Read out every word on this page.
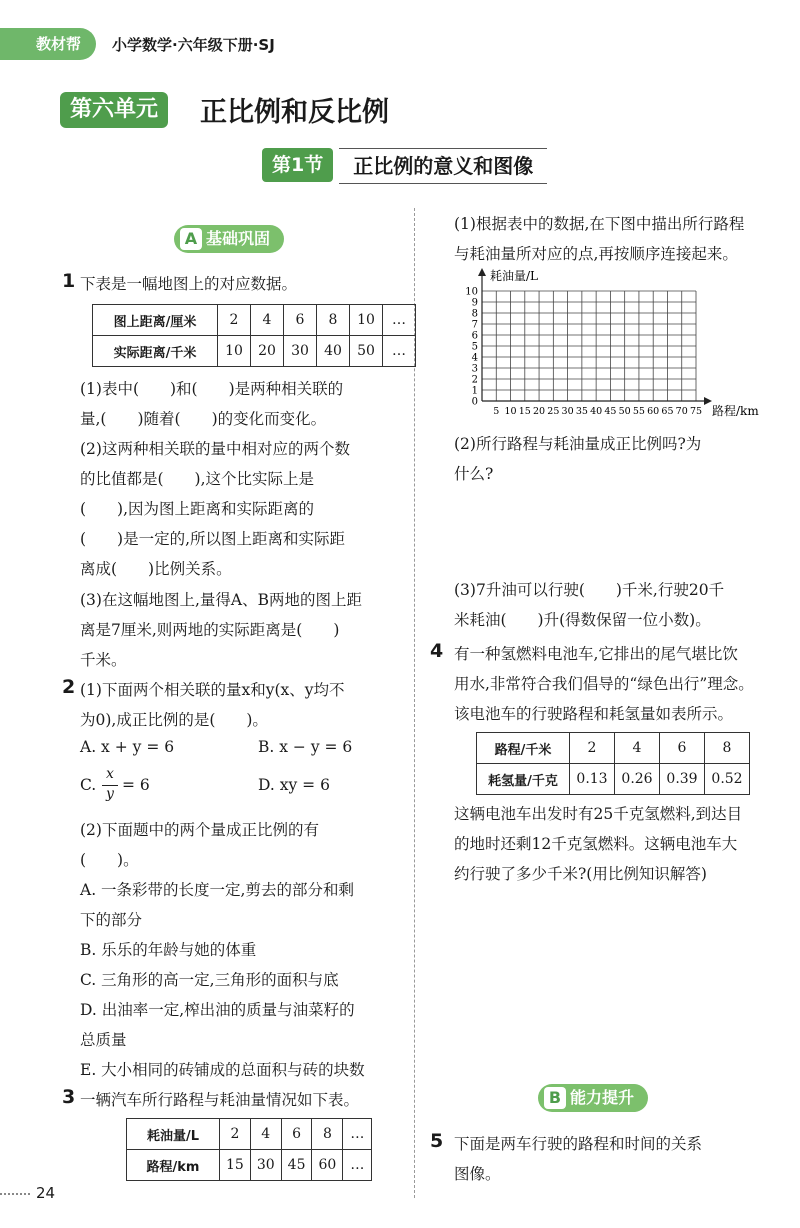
教材帮	小学数学·六年级下册·SJ
第六单元	正比例和反比例
第1节 正比例的意义和图像
A 基础巩固
1 下表是一幅地图上的对应数据。
图上距离/厘米	2	4	6	8	10	…
实际距离/千米	10	20	30	40	50	…
(1)表中(　　)和(　　)是两种相关联的
量,(　　)随着(　　)的变化而变化。
(2)这两种相关联的量中相对应的两个数
的比值都是(　　),这个比实际上是
(　　),因为图上距离和实际距离的
(　　)是一定的,所以图上距离和实际距
离成(　　)比例关系。
(3)在这幅地图上,量得A、B两地的图上距
离是7厘米,则两地的实际距离是(　　)
千米。
2 (1)下面两个相关联的量x和y(x、y均不
为0),成正比例的是(　　)。
A. x + y = 6	B. x − y = 6
C.
x
y = 6	D. xy = 6
(2)下面题中的两个量成正比例的有
(　　)。
A. 一条彩带的长度一定,剪去的部分和剩
下的部分
B. 乐乐的年龄与她的体重
C. 三角形的高一定,三角形的面积与底
D. 出油率一定,榨出油的质量与油菜籽的
总质量
E. 大小相同的砖铺成的总面积与砖的块数
3 一辆汽车所行路程与耗油量情况如下表。
耗油量/L	2	4	6	8	…
路程/km	15	30	45	60	…
24
(1)根据表中的数据,在下图中描出所行路程
与耗油量所对应的点,再按顺序连接起来。
0
1
2
3
4
5
6
7
8
9
10
5 10 15 20 25 30 35 40 45 50 55 60 65 70 75
耗油量/L
路程/km
(2)所行路程与耗油量成正比例吗?为
什么?
(3)7升油可以行驶(　　)千米,行驶20千
米耗油(　　)升(得数保留一位小数)。
4 有一种氢燃料电池车,它排出的尾气堪比饮
用水,非常符合我们倡导的“绿色出行”理念。
该电池车的行驶路程和耗氢量如表所示。
路程/千米	2	4	6	8
耗氢量/千克	0.13	0.26	0.39	0.52
这辆电池车出发时有25千克氢燃料,到达目
的地时还剩12千克氢燃料。这辆电池车大
约行驶了多少千米?(用比例知识解答)
B 能力提升
5 下面是两车行驶的路程和时间的关系
图像。
